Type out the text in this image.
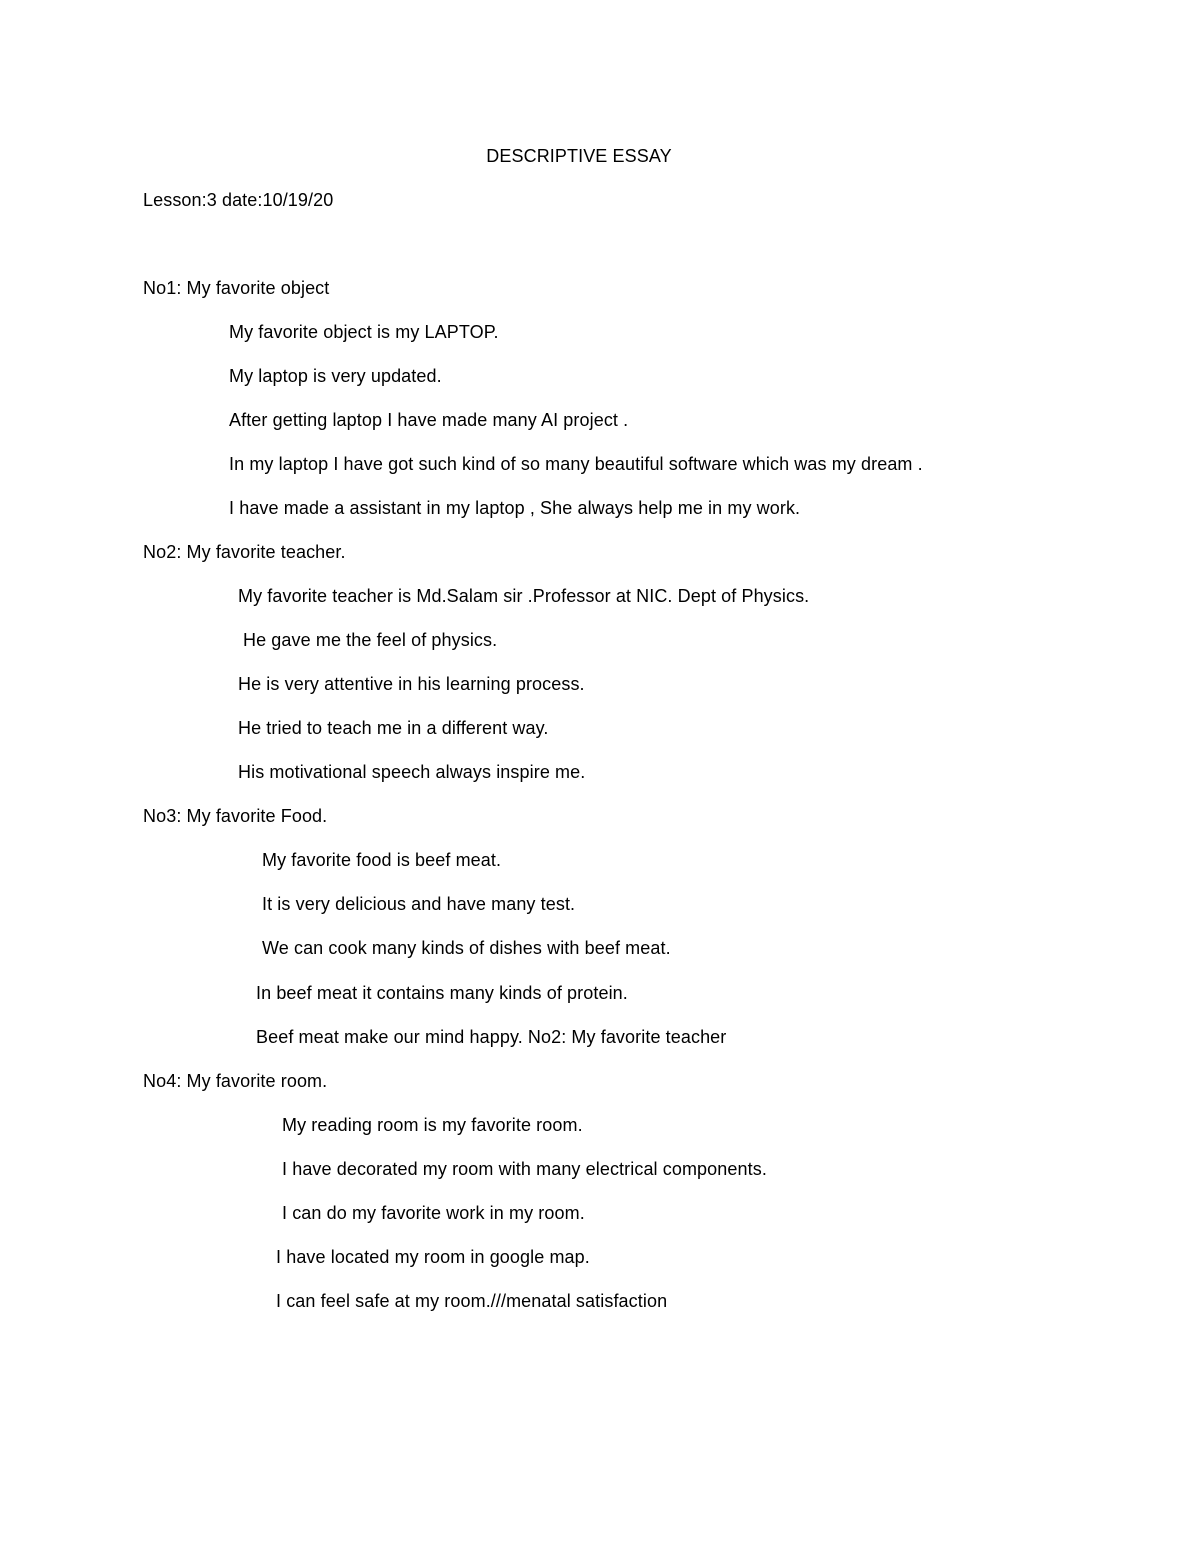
DESCRIPTIVE ESSAY
Lesson:3 date:10/19/20
No1: My favorite object
My favorite object is my LAPTOP.
My laptop is very updated.
After getting laptop I have made many AI project .
In my laptop I have got such kind of so many beautiful software which was my dream .
I have made a assistant in my laptop , She always help me in my work.
No2: My favorite teacher.
My favorite teacher is Md.Salam sir .Professor at NIC. Dept of Physics.
He gave me the feel of physics.
He is very attentive in his learning process.
He tried to teach me in a different way.
His motivational speech always inspire me.
No3: My favorite Food.
My favorite food is beef meat.
It is very delicious and have many test.
We can cook many kinds of dishes with beef meat.
In beef meat it contains many kinds of protein.
Beef meat make our mind happy. No2: My favorite teacher
No4: My favorite room.
My reading room is my favorite room.
I have decorated my room with many electrical components.
I can do my favorite work in my room.
I have located my room in google map.
I can feel safe at my room.///menatal satisfaction
